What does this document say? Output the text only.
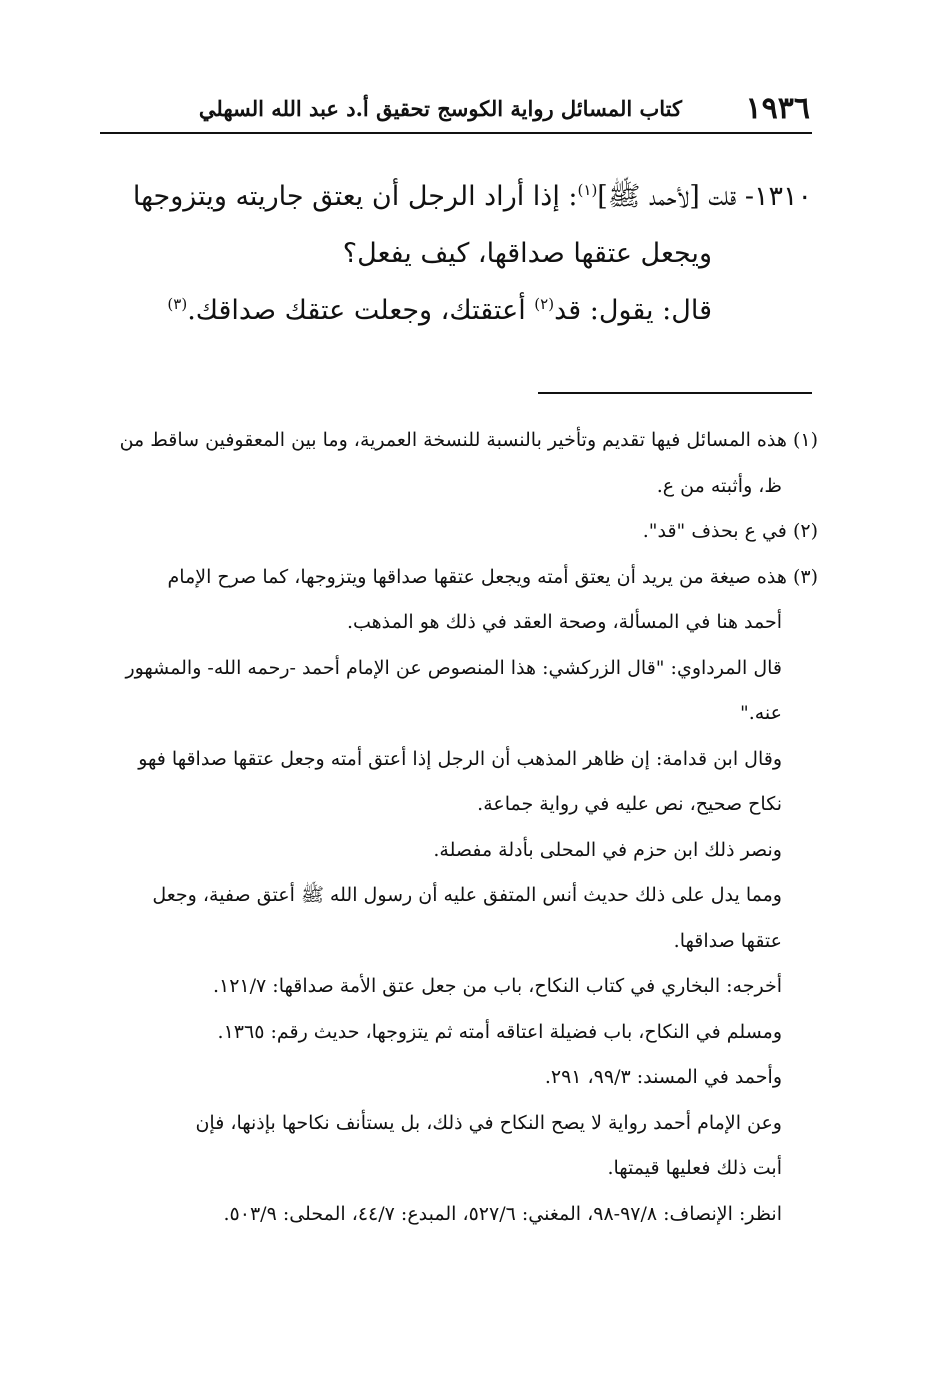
١٩٣٦
كتاب المسائل رواية الكوسج تحقيق أ.د عبد الله السهلي

١٣١٠- قلت [لأحمد ﷺ]$^{(١)}$: إذا أراد الرجل أن يعتق جاريته ويتزوجها

ويجعل عتقها صداقها، كيف يفعل؟

قال: يقول: قد$^{(٢)}$ أعتقتك، وجعلت عتقك صداقك.$^{(٣)}$

(١) هذه المسائل فيها تقديم وتأخير بالنسبة للنسخة العمرية، وما بين المعقوفين ساقط من
ظ، وأثبته من ع.
(٢) في ع بحذف "قد".
(٣) هذه صيغة من يريد أن يعتق أمته ويجعل عتقها صداقها ويتزوجها، كما صرح الإمام
أحمد هنا في المسألة، وصحة العقد في ذلك هو المذهب.
قال المرداوي: "قال الزركشي: هذا المنصوص عن الإمام أحمد -رحمه الله- والمشهور
عنه."
وقال ابن قدامة: إن ظاهر المذهب أن الرجل إذا أعتق أمته وجعل عتقها صداقها فهو
نكاح صحيح، نص عليه في رواية جماعة.
ونصر ذلك ابن حزم في المحلى بأدلة مفصلة.
ومما يدل على ذلك حديث أنس المتفق عليه أن رسول الله ﷺ أعتق صفية، وجعل
عتقها صداقها.
أخرجه: البخاري في كتاب النكاح، باب من جعل عتق الأمة صداقها: ١٢١/٧.
ومسلم في النكاح، باب فضيلة اعتاقه أمته ثم يتزوجها، حديث رقم: ١٣٦٥.
وأحمد في المسند: ٩٩/٣، ٢٩١.
وعن الإمام أحمد رواية لا يصح النكاح في ذلك، بل يستأنف نكاحها بإذنها، فإن
أبت ذلك فعليها قيمتها.
انظر: الإنصاف: ٩٧/٨-٩٨، المغني: ٥٢٧/٦، المبدع: ٤٤/٧، المحلى: ٥٠٣/٩.
